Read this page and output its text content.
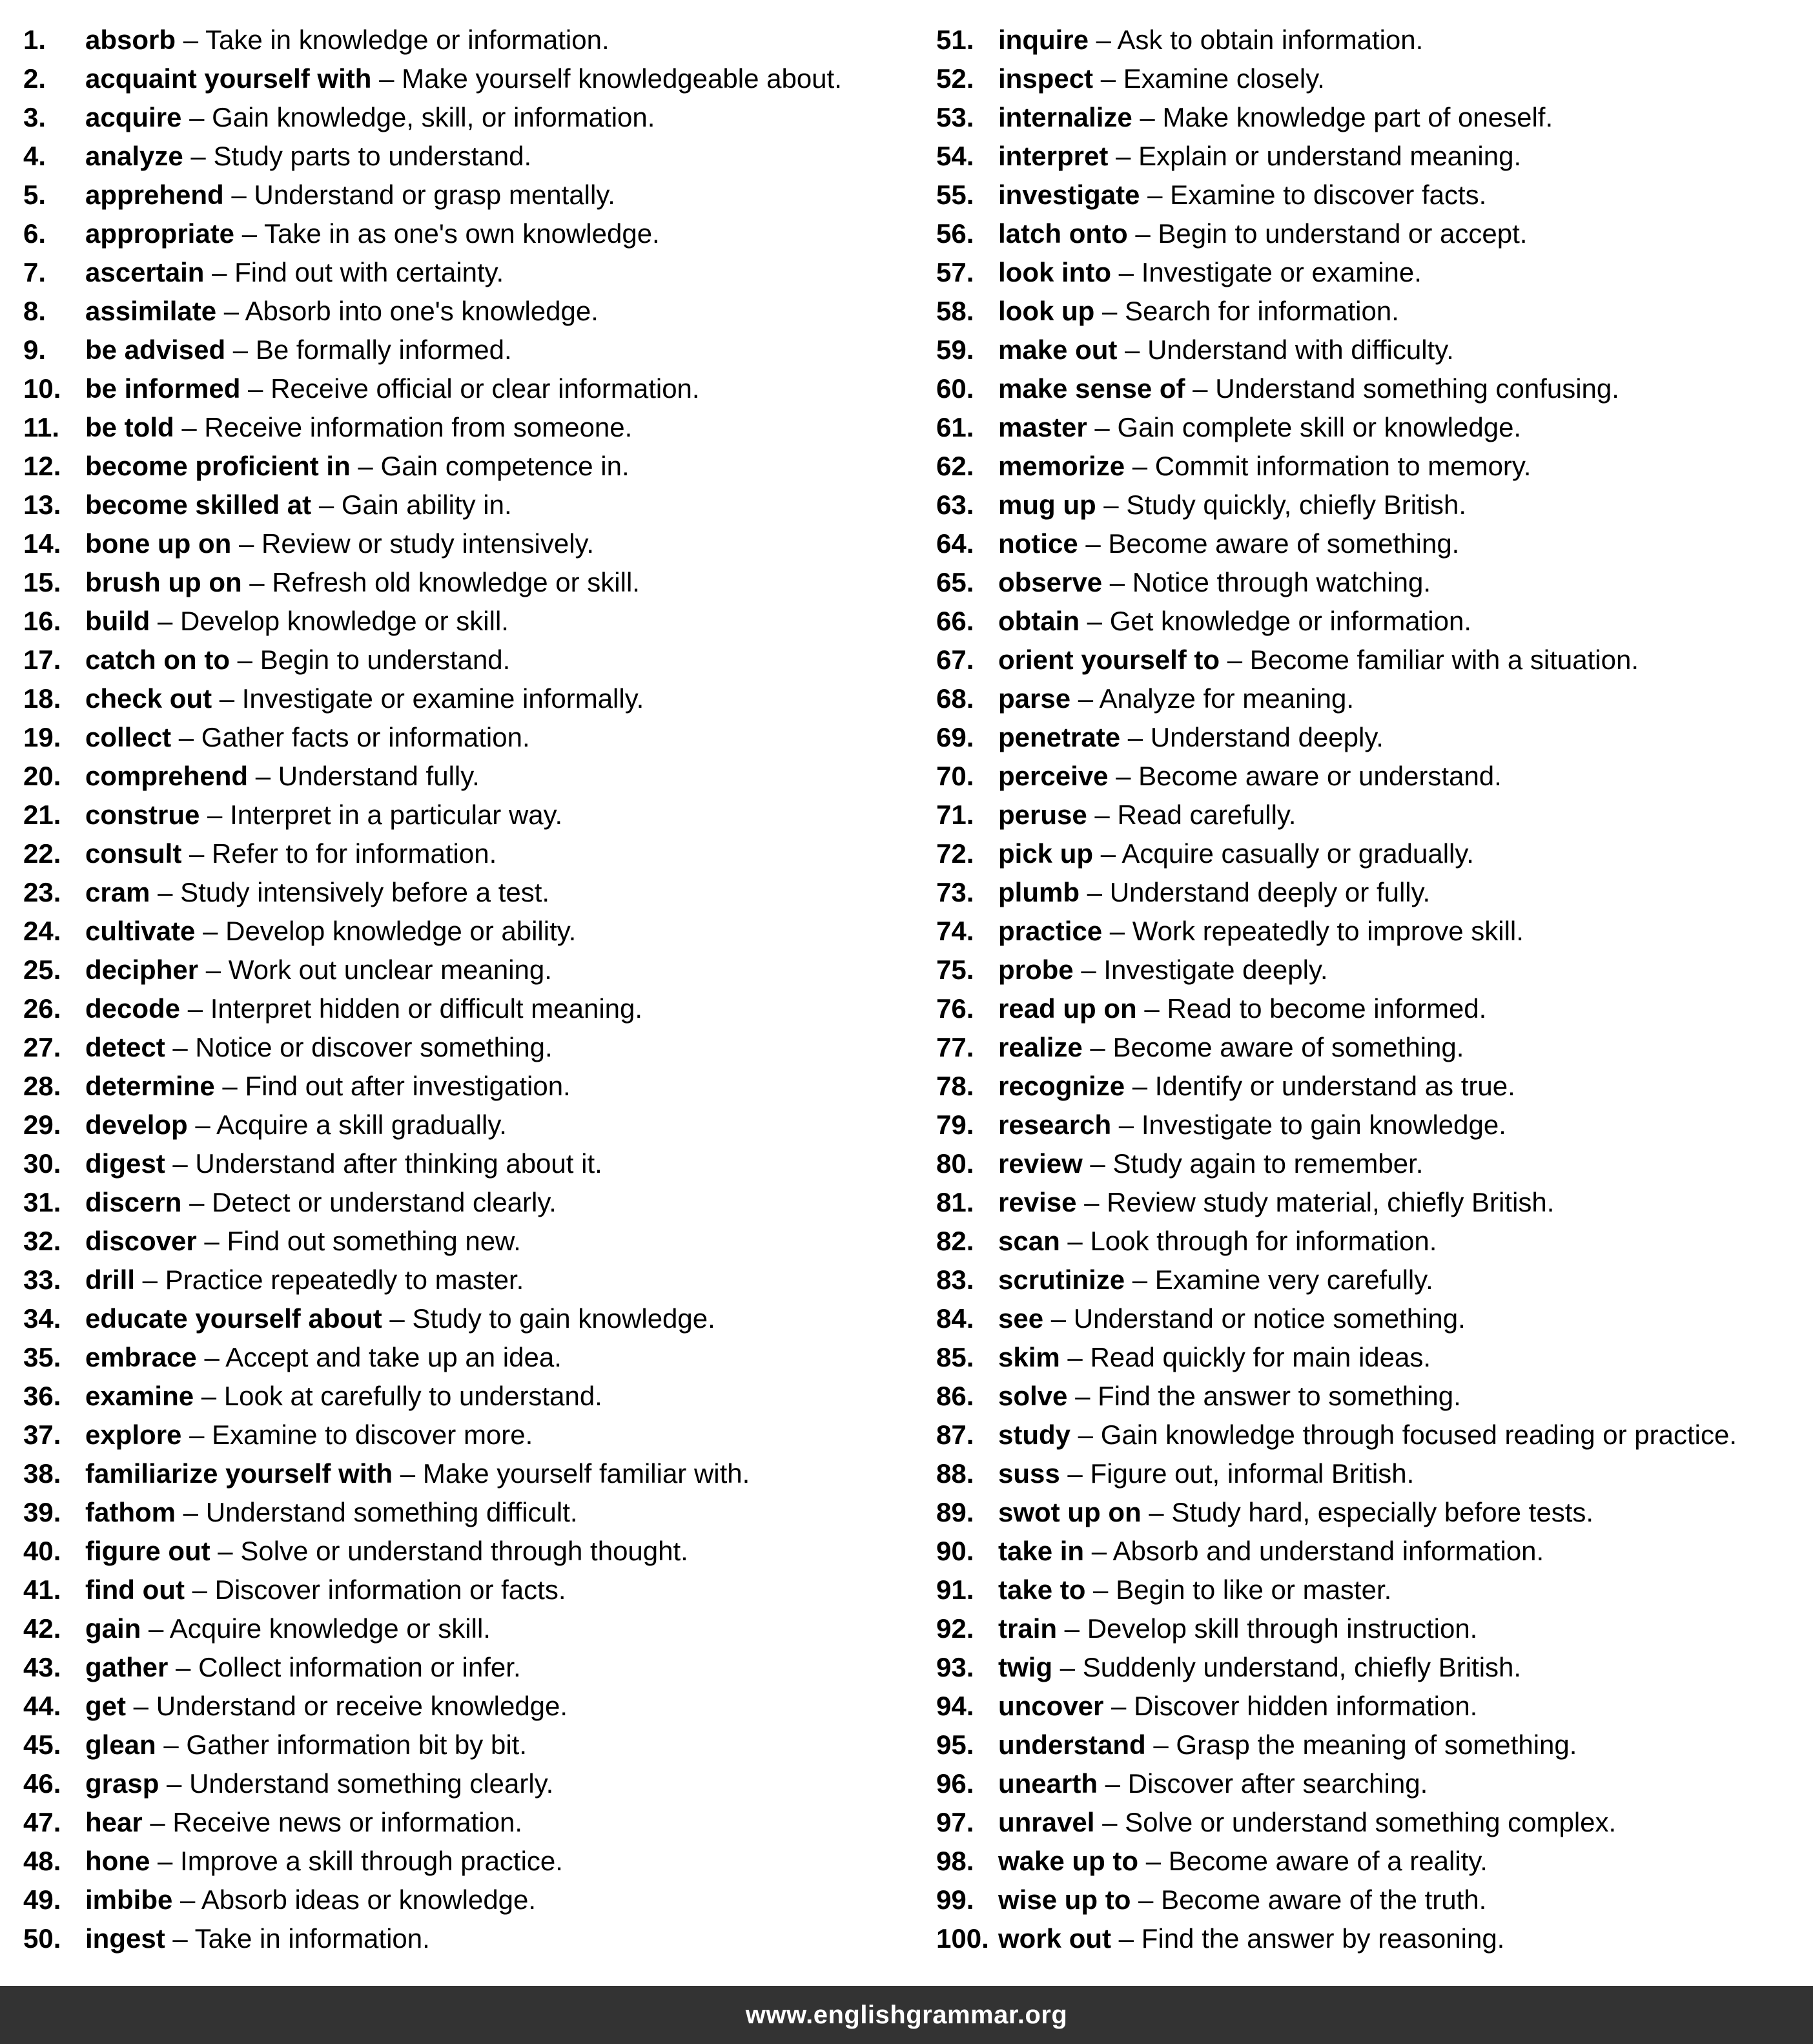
1. absorb – Take in knowledge or information.
2. acquaint yourself with – Make yourself knowledgeable about.
3. acquire – Gain knowledge, skill, or information.
4. analyze – Study parts to understand.
5. apprehend – Understand or grasp mentally.
6. appropriate – Take in as one's own knowledge.
7. ascertain – Find out with certainty.
8. assimilate – Absorb into one's knowledge.
9. be advised – Be formally informed.
10. be informed – Receive official or clear information.
11. be told – Receive information from someone.
12. become proficient in – Gain competence in.
13. become skilled at – Gain ability in.
14. bone up on – Review or study intensively.
15. brush up on – Refresh old knowledge or skill.
16. build – Develop knowledge or skill.
17. catch on to – Begin to understand.
18. check out – Investigate or examine informally.
19. collect – Gather facts or information.
20. comprehend – Understand fully.
21. construe – Interpret in a particular way.
22. consult – Refer to for information.
23. cram – Study intensively before a test.
24. cultivate – Develop knowledge or ability.
25. decipher – Work out unclear meaning.
26. decode – Interpret hidden or difficult meaning.
27. detect – Notice or discover something.
28. determine – Find out after investigation.
29. develop – Acquire a skill gradually.
30. digest – Understand after thinking about it.
31. discern – Detect or understand clearly.
32. discover – Find out something new.
33. drill – Practice repeatedly to master.
34. educate yourself about – Study to gain knowledge.
35. embrace – Accept and take up an idea.
36. examine – Look at carefully to understand.
37. explore – Examine to discover more.
38. familiarize yourself with – Make yourself familiar with.
39. fathom – Understand something difficult.
40. figure out – Solve or understand through thought.
41. find out – Discover information or facts.
42. gain – Acquire knowledge or skill.
43. gather – Collect information or infer.
44. get – Understand or receive knowledge.
45. glean – Gather information bit by bit.
46. grasp – Understand something clearly.
47. hear – Receive news or information.
48. hone – Improve a skill through practice.
49. imbibe – Absorb ideas or knowledge.
50. ingest – Take in information.
51. inquire – Ask to obtain information.
52. inspect – Examine closely.
53. internalize – Make knowledge part of oneself.
54. interpret – Explain or understand meaning.
55. investigate – Examine to discover facts.
56. latch onto – Begin to understand or accept.
57. look into – Investigate or examine.
58. look up – Search for information.
59. make out – Understand with difficulty.
60. make sense of – Understand something confusing.
61. master – Gain complete skill or knowledge.
62. memorize – Commit information to memory.
63. mug up – Study quickly, chiefly British.
64. notice – Become aware of something.
65. observe – Notice through watching.
66. obtain – Get knowledge or information.
67. orient yourself to – Become familiar with a situation.
68. parse – Analyze for meaning.
69. penetrate – Understand deeply.
70. perceive – Become aware or understand.
71. peruse – Read carefully.
72. pick up – Acquire casually or gradually.
73. plumb – Understand deeply or fully.
74. practice – Work repeatedly to improve skill.
75. probe – Investigate deeply.
76. read up on – Read to become informed.
77. realize – Become aware of something.
78. recognize – Identify or understand as true.
79. research – Investigate to gain knowledge.
80. review – Study again to remember.
81. revise – Review study material, chiefly British.
82. scan – Look through for information.
83. scrutinize – Examine very carefully.
84. see – Understand or notice something.
85. skim – Read quickly for main ideas.
86. solve – Find the answer to something.
87. study – Gain knowledge through focused reading or practice.
88. suss – Figure out, informal British.
89. swot up on – Study hard, especially before tests.
90. take in – Absorb and understand information.
91. take to – Begin to like or master.
92. train – Develop skill through instruction.
93. twig – Suddenly understand, chiefly British.
94. uncover – Discover hidden information.
95. understand – Grasp the meaning of something.
96. unearth – Discover after searching.
97. unravel – Solve or understand something complex.
98. wake up to – Become aware of a reality.
99. wise up to – Become aware of the truth.
100. work out – Find the answer by reasoning.
www.englishgrammar.org
